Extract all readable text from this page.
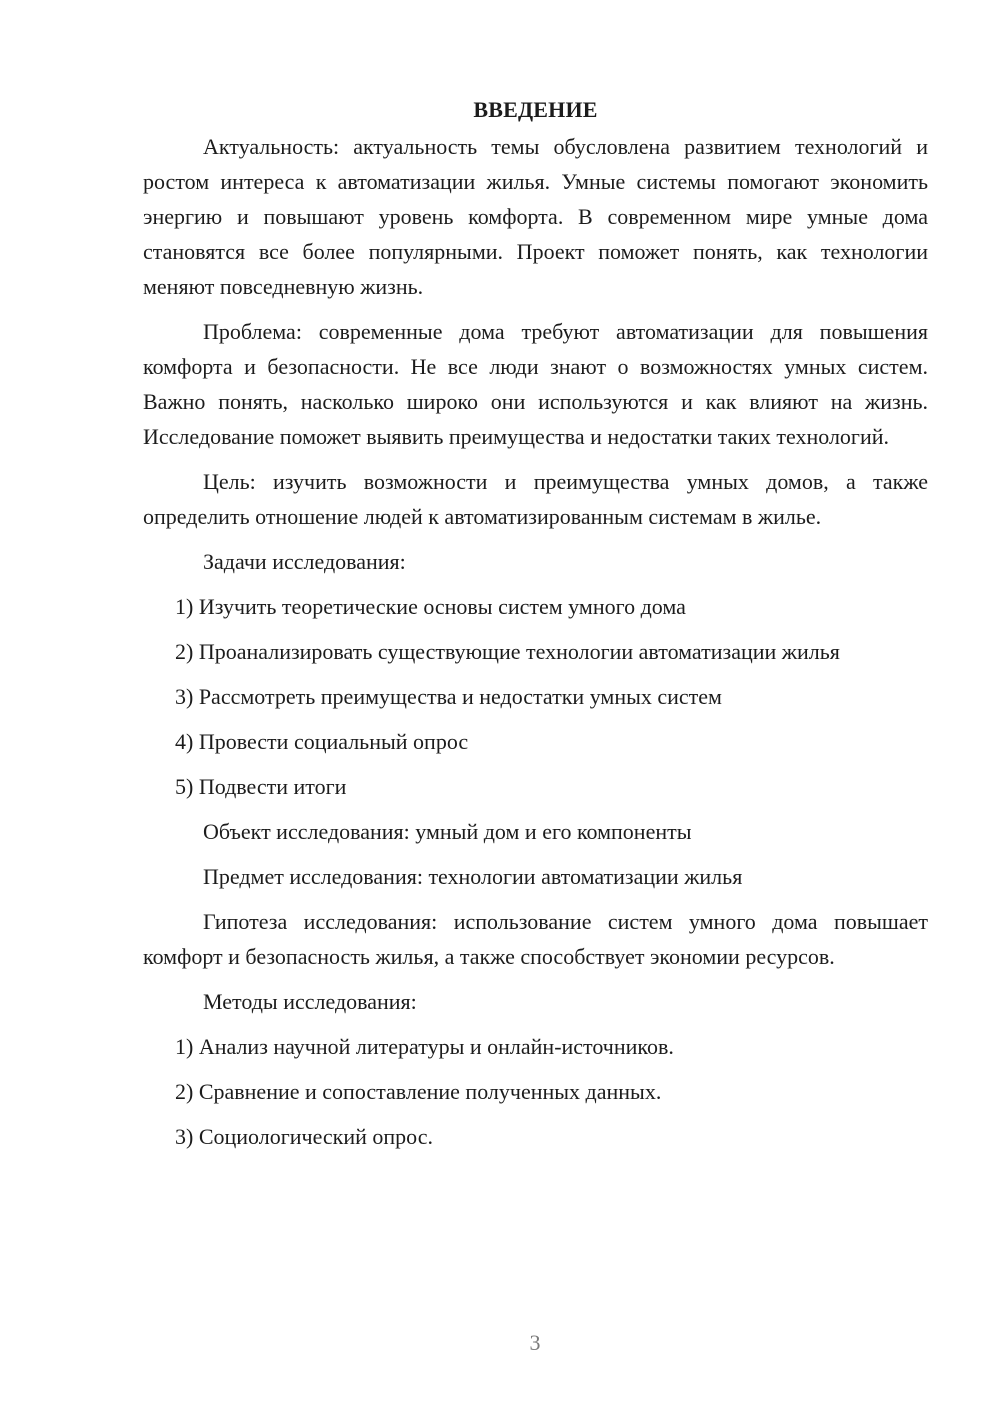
ВВЕДЕНИЕ

Актуальность: актуальность темы обусловлена развитием технологий и ростом интереса к автоматизации жилья. Умные системы помогают экономить энергию и повышают уровень комфорта. В современном мире умные дома становятся все более популярными. Проект поможет понять, как технологии меняют повседневную жизнь.

Проблема: современные дома требуют автоматизации для повышения комфорта и безопасности. Не все люди знают о возможностях умных систем. Важно понять, насколько широко они используются и как влияют на жизнь. Исследование поможет выявить преимущества и недостатки таких технологий.

Цель: изучить возможности и преимущества умных домов, а также определить отношение людей к автоматизированным системам в жилье.

Задачи исследования:

1) Изучить теоретические основы систем умного дома

2) Проанализировать существующие технологии автоматизации жилья

3) Рассмотреть преимущества и недостатки умных систем

4) Провести социальный опрос

5) Подвести итоги

Объект исследования: умный дом и его компоненты

Предмет исследования: технологии автоматизации жилья

Гипотеза исследования: использование систем умного дома повышает комфорт и безопасность жилья, а также способствует экономии ресурсов.

Методы исследования:

1) Анализ научной литературы и онлайн-источников.

2) Сравнение и сопоставление полученных данных.

3) Социологический опрос.

3
